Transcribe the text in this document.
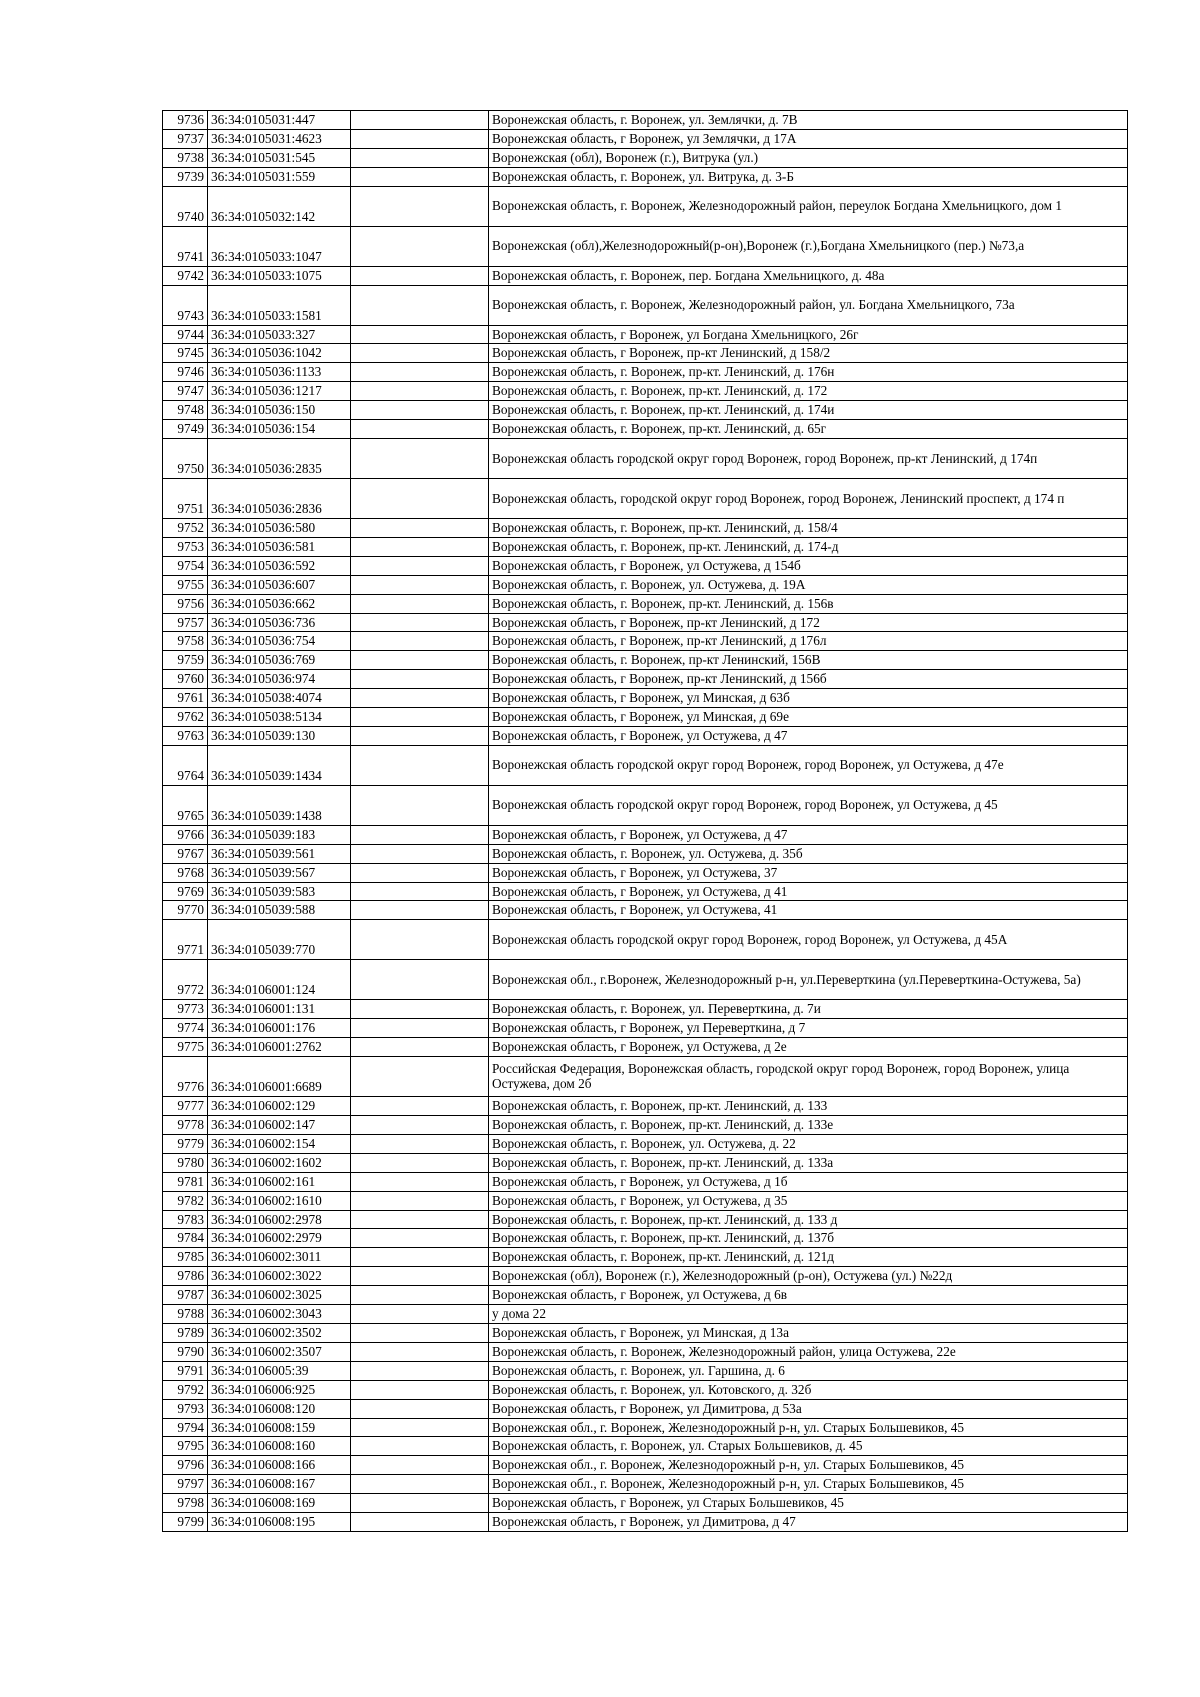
9736	36:34:0105031:447		Воронежская область, г. Воронеж, ул. Землячки, д. 7В
9737	36:34:0105031:4623		Воронежская область, г Воронеж, ул Землячки, д 17А
9738	36:34:0105031:545		Воронежская (обл), Воронеж (г.), Витрука (ул.)
9739	36:34:0105031:559		Воронежская область, г. Воронеж, ул. Витрука, д. 3-Б
9740	36:34:0105032:142		Воронежская область, г. Воронеж, Железнодорожный район, переулок Богдана Хмельницкого, дом 1
9741	36:34:0105033:1047		Воронежская (обл),Железнодорожный(р-он),Воронеж (г.),Богдана Хмельницкого (пер.) №73,а
9742	36:34:0105033:1075		Воронежская область, г. Воронеж, пер. Богдана Хмельницкого, д. 48а
9743	36:34:0105033:1581		Воронежская область, г. Воронеж, Железнодорожный район, ул. Богдана Хмельницкого, 73а
9744	36:34:0105033:327		Воронежская область, г Воронеж, ул Богдана Хмельницкого, 26г
9745	36:34:0105036:1042		Воронежская область, г Воронеж, пр-кт Ленинский, д 158/2
9746	36:34:0105036:1133		Воронежская область, г. Воронеж, пр-кт. Ленинский, д. 176н
9747	36:34:0105036:1217		Воронежская область, г. Воронеж, пр-кт. Ленинский, д. 172
9748	36:34:0105036:150		Воронежская область, г. Воронеж, пр-кт. Ленинский, д. 174и
9749	36:34:0105036:154		Воронежская область, г. Воронеж, пр-кт. Ленинский, д. 65г
9750	36:34:0105036:2835		Воронежская область городской округ город Воронеж, город Воронеж, пр-кт Ленинский, д 174п
9751	36:34:0105036:2836		Воронежская область, городской округ город Воронеж, город Воронеж, Ленинский проспект, д 174 п
9752	36:34:0105036:580		Воронежская область, г. Воронеж, пр-кт. Ленинский, д. 158/4
9753	36:34:0105036:581		Воронежская область, г. Воронеж, пр-кт. Ленинский, д. 174-д
9754	36:34:0105036:592		Воронежская область, г Воронеж, ул Остужева, д 154б
9755	36:34:0105036:607		Воронежская область, г. Воронеж, ул. Остужева, д. 19А
9756	36:34:0105036:662		Воронежская область, г. Воронеж, пр-кт. Ленинский, д. 156в
9757	36:34:0105036:736		Воронежская область, г Воронеж, пр-кт Ленинский, д 172
9758	36:34:0105036:754		Воронежская область, г Воронеж, пр-кт Ленинский, д 176л
9759	36:34:0105036:769		Воронежская область, г. Воронеж, пр-кт Ленинский, 156В
9760	36:34:0105036:974		Воронежская область, г Воронеж, пр-кт Ленинский, д 156б
9761	36:34:0105038:4074		Воронежская область, г Воронеж, ул Минская, д 63б
9762	36:34:0105038:5134		Воронежская область, г Воронеж, ул Минская, д 69е
9763	36:34:0105039:130		Воронежская область, г Воронеж, ул Остужева, д 47
9764	36:34:0105039:1434		Воронежская область городской округ город Воронеж, город Воронеж, ул Остужева, д 47е
9765	36:34:0105039:1438		Воронежская область городской округ город Воронеж, город Воронеж, ул Остужева, д 45
9766	36:34:0105039:183		Воронежская область, г Воронеж, ул Остужева, д 47
9767	36:34:0105039:561		Воронежская область, г. Воронеж, ул. Остужева, д. 35б
9768	36:34:0105039:567		Воронежская область, г Воронеж, ул Остужева, 37
9769	36:34:0105039:583		Воронежская область, г Воронеж, ул Остужева, д 41
9770	36:34:0105039:588		Воронежская область, г Воронеж, ул Остужева, 41
9771	36:34:0105039:770		Воронежская область городской округ город Воронеж, город Воронеж, ул Остужева, д 45А
9772	36:34:0106001:124		Воронежская обл., г.Воронеж, Железнодорожный р-н, ул.Переверткина (ул.Переверткина-Остужева, 5а)
9773	36:34:0106001:131		Воронежская область, г. Воронеж, ул. Переверткина, д. 7и
9774	36:34:0106001:176		Воронежская область, г Воронеж, ул Переверткина, д 7
9775	36:34:0106001:2762		Воронежская область, г Воронеж, ул Остужева, д 2е
9776	36:34:0106001:6689		Российская Федерация, Воронежская область, городской округ город Воронеж, город Воронеж, улица Остужева, дом 2б
9777	36:34:0106002:129		Воронежская область, г. Воронеж, пр-кт. Ленинский, д. 133
9778	36:34:0106002:147		Воронежская область, г. Воронеж, пр-кт. Ленинский, д. 133е
9779	36:34:0106002:154		Воронежская область, г. Воронеж, ул. Остужева, д. 22
9780	36:34:0106002:1602		Воронежская область, г. Воронеж, пр-кт. Ленинский, д. 133а
9781	36:34:0106002:161		Воронежская область, г Воронеж, ул Остужева, д 1б
9782	36:34:0106002:1610		Воронежская область, г Воронеж, ул Остужева, д 35
9783	36:34:0106002:2978		Воронежская область, г. Воронеж, пр-кт. Ленинский, д. 133 д
9784	36:34:0106002:2979		Воронежская область, г. Воронеж, пр-кт. Ленинский, д. 137б
9785	36:34:0106002:3011		Воронежская область, г. Воронеж, пр-кт. Ленинский, д. 121д
9786	36:34:0106002:3022		Воронежская (обл), Воронеж (г.), Железнодорожный (р-он), Остужева (ул.) №22д
9787	36:34:0106002:3025		Воронежская область, г Воронеж, ул Остужева, д 6в
9788	36:34:0106002:3043		у дома 22
9789	36:34:0106002:3502		Воронежская область, г Воронеж, ул Минская, д 13а
9790	36:34:0106002:3507		Воронежская область, г. Воронеж, Железнодорожный район, улица Остужева, 22е
9791	36:34:0106005:39		Воронежская область, г. Воронеж, ул. Гаршина, д. 6
9792	36:34:0106006:925		Воронежская область, г. Воронеж, ул. Котовского, д. 32б
9793	36:34:0106008:120		Воронежская область, г Воронеж, ул Димитрова, д 53а
9794	36:34:0106008:159		Воронежская обл., г. Воронеж, Железнодорожный р-н, ул. Старых Большевиков, 45
9795	36:34:0106008:160		Воронежская область, г. Воронеж, ул. Старых Большевиков, д. 45
9796	36:34:0106008:166		Воронежская обл., г. Воронеж, Железнодорожный р-н, ул. Старых Большевиков, 45
9797	36:34:0106008:167		Воронежская обл., г. Воронеж, Железнодорожный р-н, ул. Старых Большевиков, 45
9798	36:34:0106008:169		Воронежская область, г Воронеж, ул Старых Большевиков, 45
9799	36:34:0106008:195		Воронежская область, г Воронеж, ул Димитрова, д 47
